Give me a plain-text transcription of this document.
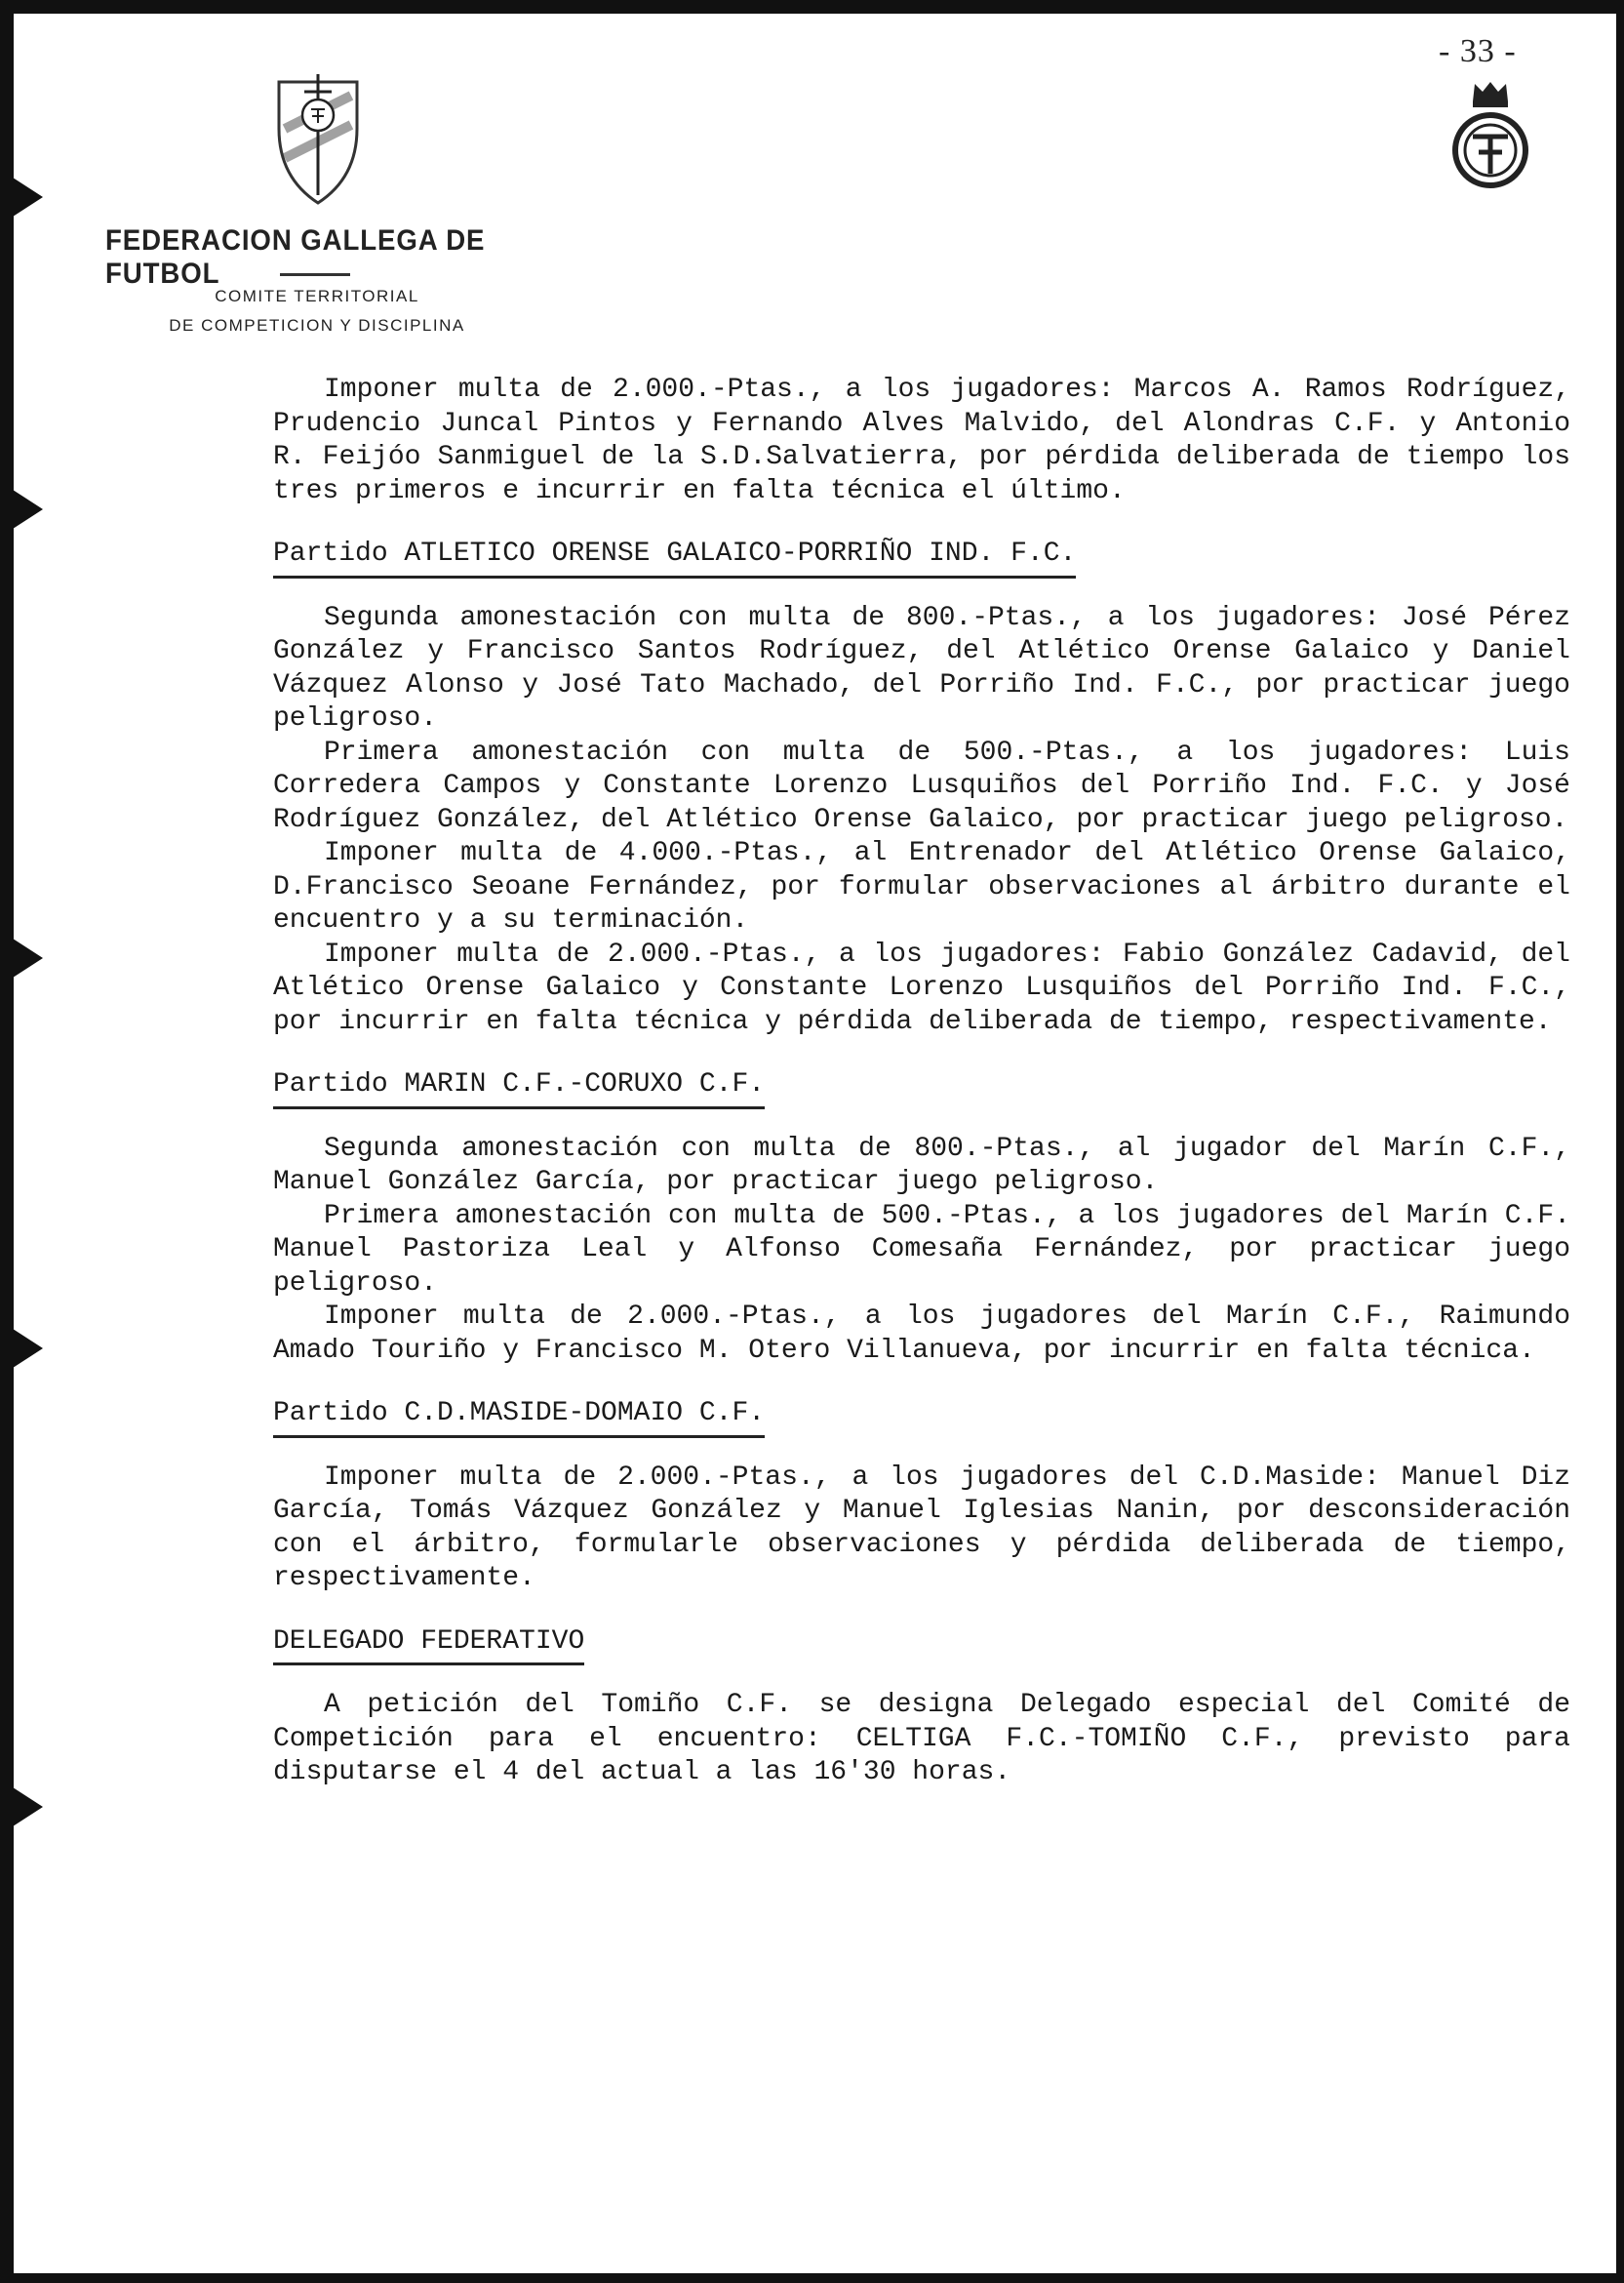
- 33 -
FEDERACION GALLEGA DE FUTBOL
COMITE TERRITORIAL
DE COMPETICION Y DISCIPLINA

Imponer multa de 2.000.-Ptas., a los jugadores: Marcos A. Ramos Rodríguez, Prudencio Juncal Pintos y Fernando Alves Malvido, del Alondras C.F. y Antonio R. Feijóo Sanmiguel de la S.D.Salvatierra, por pérdida deliberada de tiempo los tres primeros e incurrir en falta técnica el último.

Partido ATLETICO ORENSE GALAICO-PORRIÑO IND. F.C.

Segunda amonestación con multa de 800.-Ptas., a los jugadores: José Pérez González y Francisco Santos Rodríguez, del Atlético Orense Galaico y Daniel Vázquez Alonso y José Tato Machado, del Porriño Ind. F.C., por practicar juego peligroso.

Primera amonestación con multa de 500.-Ptas., a los jugadores: Luis Corredera Campos y Constante Lorenzo Lusquiños del Porriño Ind. F.C. y José Rodríguez González, del Atlético Orense Galaico, por practicar juego peligroso.

Imponer multa de 4.000.-Ptas., al Entrenador del Atlético Orense Galaico, D.Francisco Seoane Fernández, por formular observaciones al árbitro durante el encuentro y a su terminación.

Imponer multa de 2.000.-Ptas., a los jugadores: Fabio González Cadavid, del Atlético Orense Galaico y Constante Lorenzo Lusquiños del Porriño Ind. F.C., por incurrir en falta técnica y pérdida deliberada de tiempo, respectivamente.

Partido MARIN C.F.-CORUXO C.F.

Segunda amonestación con multa de 800.-Ptas., al jugador del Marín C.F., Manuel González García, por practicar juego peligroso.

Primera amonestación con multa de 500.-Ptas., a los jugadores del Marín C.F. Manuel Pastoriza Leal y Alfonso Comesaña Fernández, por practicar juego peligroso.

Imponer multa de 2.000.-Ptas., a los jugadores del Marín C.F., Raimundo Amado Touriño y Francisco M. Otero Villanueva, por incurrir en falta técnica.

Partido C.D.MASIDE-DOMAIO C.F.

Imponer multa de 2.000.-Ptas., a los jugadores del C.D.Maside: Manuel Diz García, Tomás Vázquez González y Manuel Iglesias Nanin, por desconsideración con el árbitro, formularle observaciones y pérdida deliberada de tiempo, respectivamente.

DELEGADO FEDERATIVO

A petición del Tomiño C.F. se designa Delegado especial del Comité de Competición para el encuentro: CELTIGA F.C.-TOMIÑO C.F., previsto para disputarse el 4 del actual a las 16'30 horas.
